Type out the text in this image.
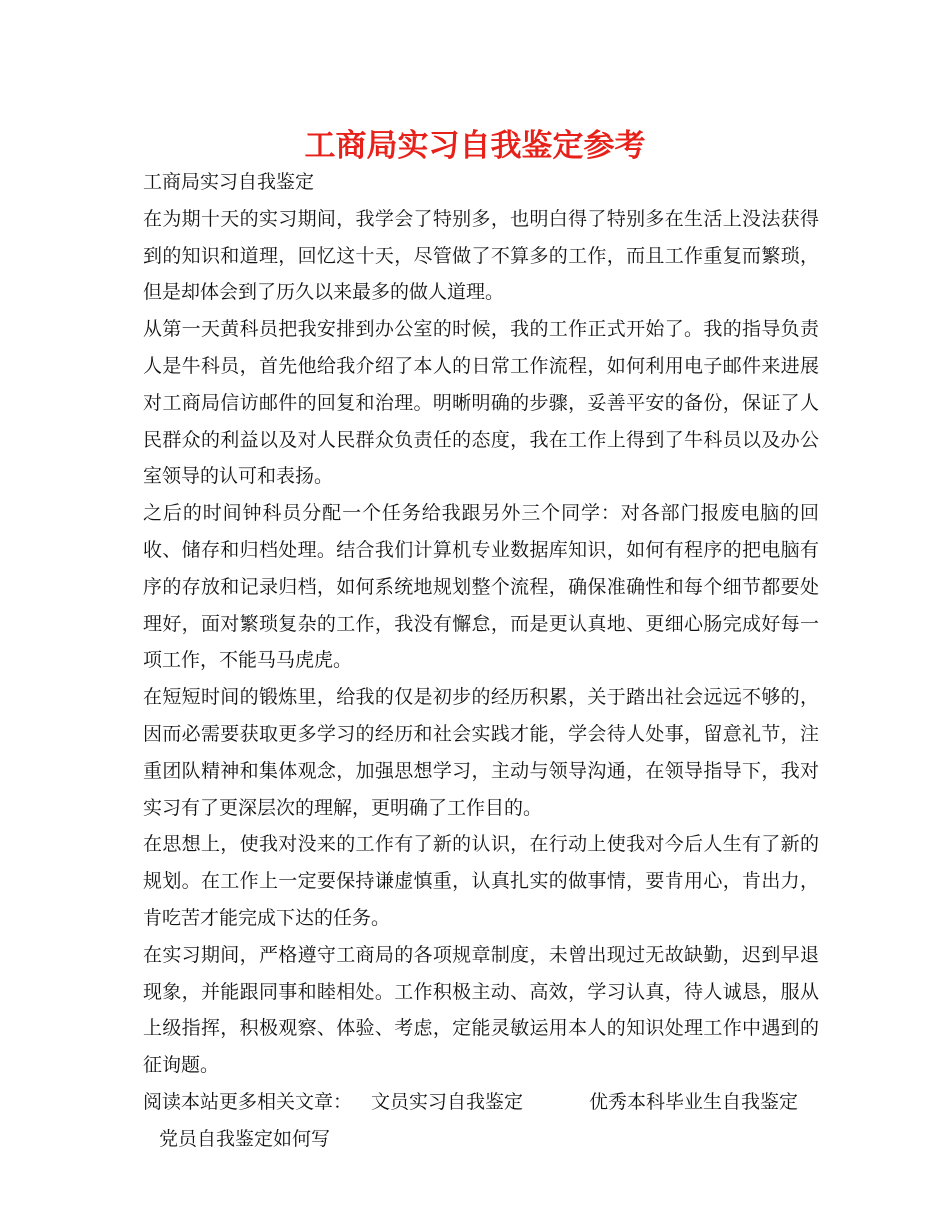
工商局实习自我鉴定参考

工商局实习自我鉴定

在为期十天的实习期间，我学会了特别多，也明白得了特别多在生活上没法获得到的知识和道理，回忆这十天，尽管做了不算多的工作，而且工作重复而繁琐，但是却体会到了历久以来最多的做人道理。

从第一天黄科员把我安排到办公室的时候，我的工作正式开始了。我的指导负责人是牛科员，首先他给我介绍了本人的日常工作流程，如何利用电子邮件来进展对工商局信访邮件的回复和治理。明晰明确的步骤，妥善平安的备份，保证了人民群众的利益以及对人民群众负责任的态度，我在工作上得到了牛科员以及办公室领导的认可和表扬。

之后的时间钟科员分配一个任务给我跟另外三个同学：对各部门报废电脑的回收、储存和归档处理。结合我们计算机专业数据库知识，如何有程序的把电脑有序的存放和记录归档，如何系统地规划整个流程，确保准确性和每个细节都要处理好，面对繁琐复杂的工作，我没有懈怠，而是更认真地、更细心肠完成好每一项工作，不能马马虎虎。

在短短时间的锻炼里，给我的仅是初步的经历积累，关于踏出社会远远不够的，因而必需要获取更多学习的经历和社会实践才能，学会待人处事，留意礼节，注重团队精神和集体观念，加强思想学习，主动与领导沟通，在领导指导下，我对实习有了更深层次的理解，更明确了工作目的。

在思想上，使我对没来的工作有了新的认识，在行动上使我对今后人生有了新的规划。在工作上一定要保持谦虚慎重，认真扎实的做事情，要肯用心，肯出力，肯吃苦才能完成下达的任务。

在实习期间，严格遵守工商局的各项规章制度，未曾出现过无故缺勤，迟到早退现象，并能跟同事和睦相处。工作积极主动、高效，学习认真，待人诚恳，服从上级指挥，积极观察、体验、考虑，定能灵敏运用本人的知识处理工作中遇到的征询题。

阅读本站更多相关文章： 文员实习自我鉴定	优秀本科毕业生自我鉴定
党员自我鉴定如何写
